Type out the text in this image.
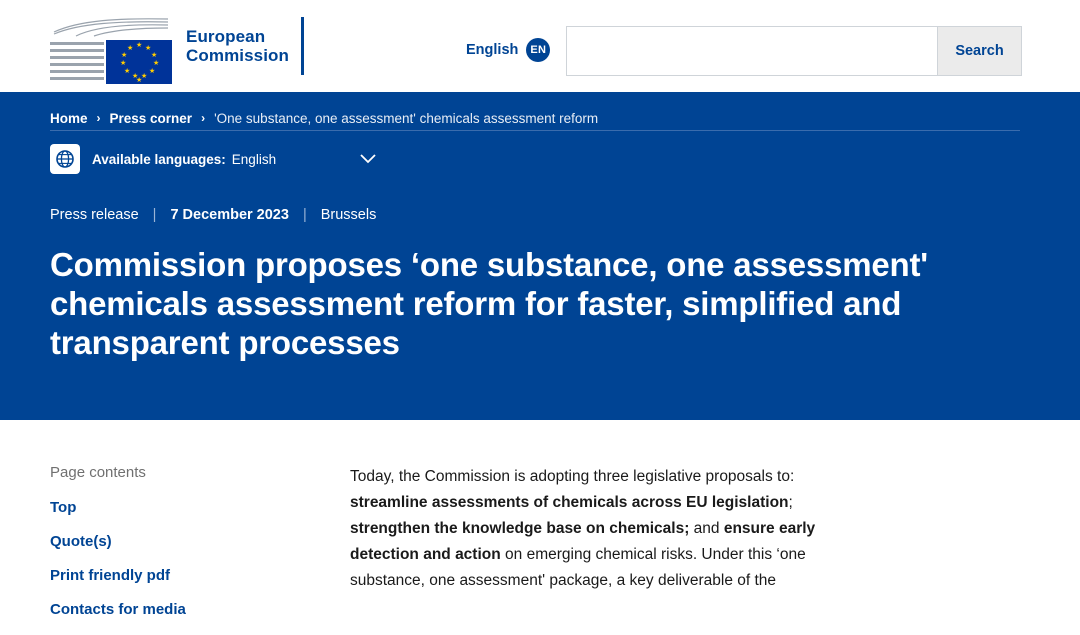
★ ★
★
★
★
★
★
★
★
★
★
★
European
Commission	English	EN	Search
Home › Press corner › 'One substance, one assessment' chemicals assessment reform
Available languages: English
Press release | 7 December 2023 | Brussels
Commission proposes ‘one substance, one assessment' chemicals assessment reform for faster, simplified and transparent processes
Page contents
Top
Quote(s)
Print friendly pdf
Contacts for media

Today, the Commission is adopting three legislative proposals to: streamline assessments of chemicals across EU legislation; strengthen the knowledge base on chemicals; and ensure early detection and action on emerging chemical risks. Under this ‘one substance, one assessment' package, a key deliverable of the
